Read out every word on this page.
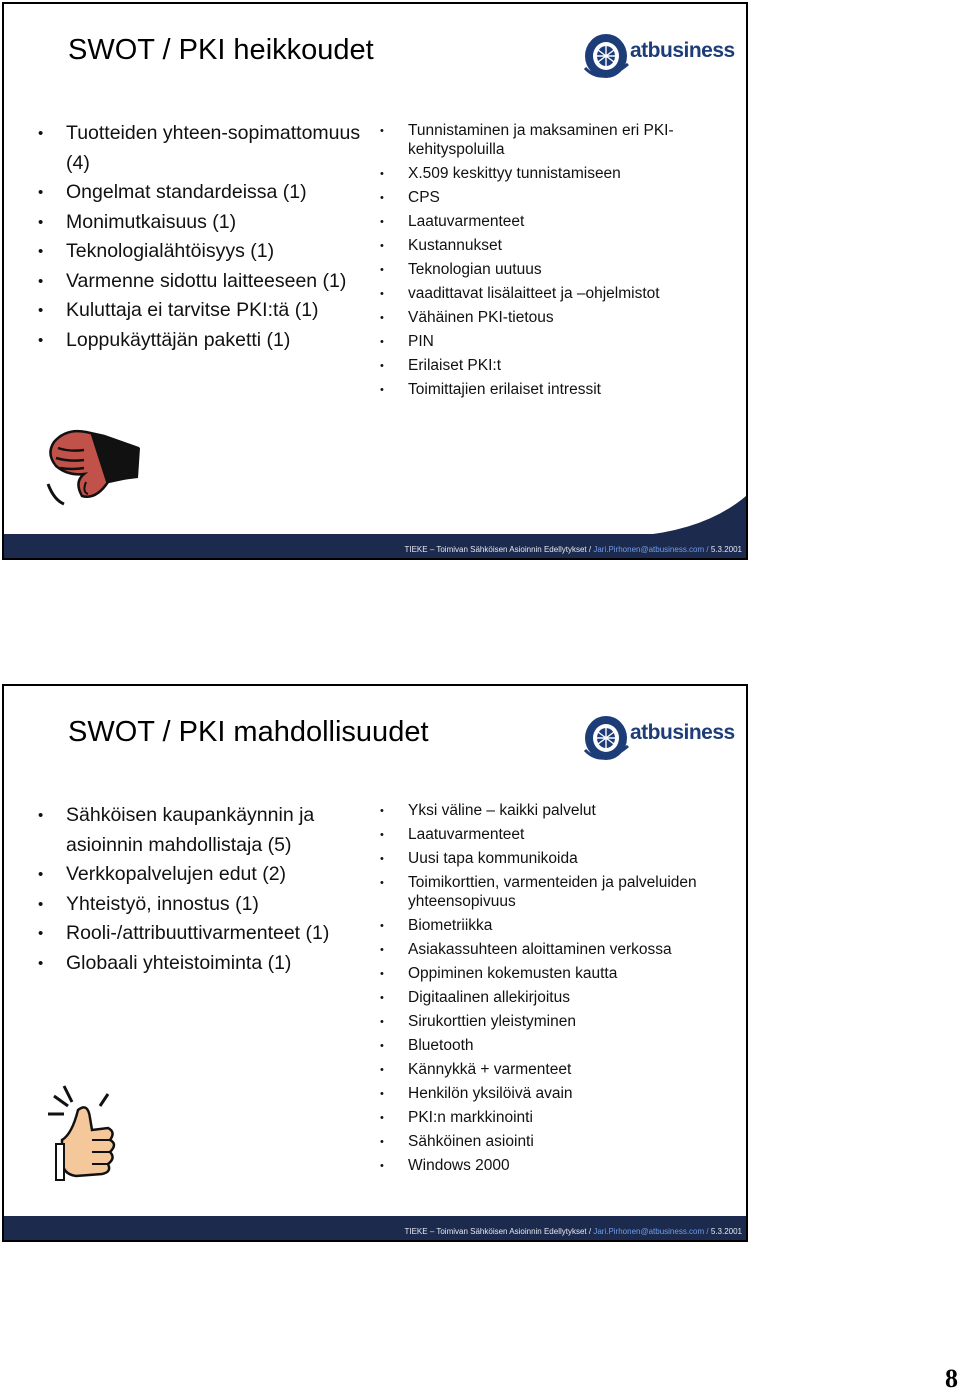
SWOT / PKI heikkoudet	atbusiness
• Tuotteiden yhteen-sopimattomuus (4)
• Ongelmat standardeissa (1)
• Monimutkaisuus (1)
• Teknologialähtöisyys (1)
• Varmenne sidottu laitteeseen (1)
• Kuluttaja ei tarvitse PKI:tä (1)
• Loppukäyttäjän paketti (1)
• Tunnistaminen ja maksaminen eri PKI-kehityspoluilla
• X.509 keskittyy tunnistamiseen
• CPS
• Laatuvarmenteet
• Kustannukset
• Teknologian uutuus
• vaadittavat lisälaitteet ja –ohjelmistot
• Vähäinen PKI-tietous
• PIN
• Erilaiset PKI:t
• Toimittajien erilaiset intressit
TIEKE – Toimivan Sähköisen Asioinnin Edellytykset / Jari.Pirhonen@atbusiness.com / 5.3.2001
SWOT / PKI mahdollisuudet	atbusiness
• Sähköisen kaupankäynnin ja asioinnin mahdollistaja (5)
• Verkkopalvelujen edut (2)
• Yhteistyö, innostus (1)
• Rooli-/attribuuttivarmenteet (1)
• Globaali yhteistoiminta (1)
• Yksi väline – kaikki palvelut
• Laatuvarmenteet
• Uusi tapa kommunikoida
• Toimikorttien, varmenteiden ja palveluiden yhteensopivuus
• Biometriikka
• Asiakassuhteen aloittaminen verkossa
• Oppiminen kokemusten kautta
• Digitaalinen allekirjoitus
• Sirukorttien yleistyminen
• Bluetooth
• Kännykkä + varmenteet
• Henkilön yksilöivä avain
• PKI:n markkinointi
• Sähköinen asiointi
• Windows 2000
TIEKE – Toimivan Sähköisen Asioinnin Edellytykset / Jari.Pirhonen@atbusiness.com / 5.3.2001
8
